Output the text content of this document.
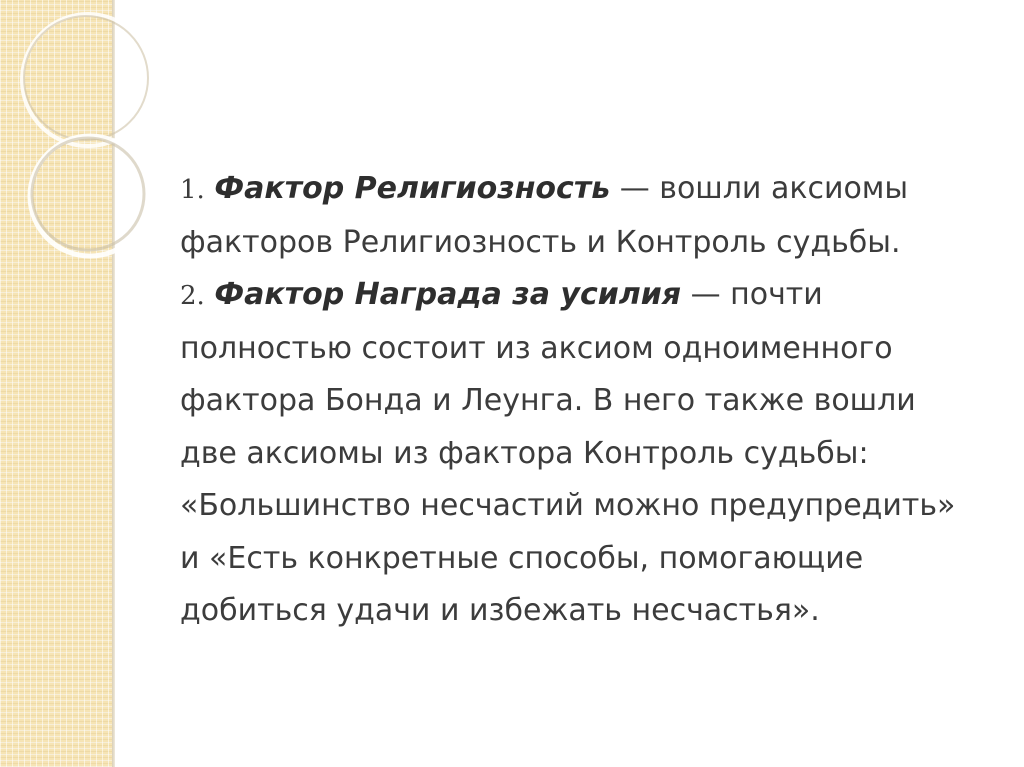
1. Фактор Религиозность — вошли аксиомы факторов Религиозность и Контроль судьбы.

2. Фактор Награда за усилия — почти полностью состоит из аксиом одноименного фактора Бонда и Леунга. В него также вошли две аксиомы из фактора Контроль судьбы: «Большинство несчастий можно предупредить» и «Есть конкретные способы, помогающие добиться удачи и избежать несчастья».
